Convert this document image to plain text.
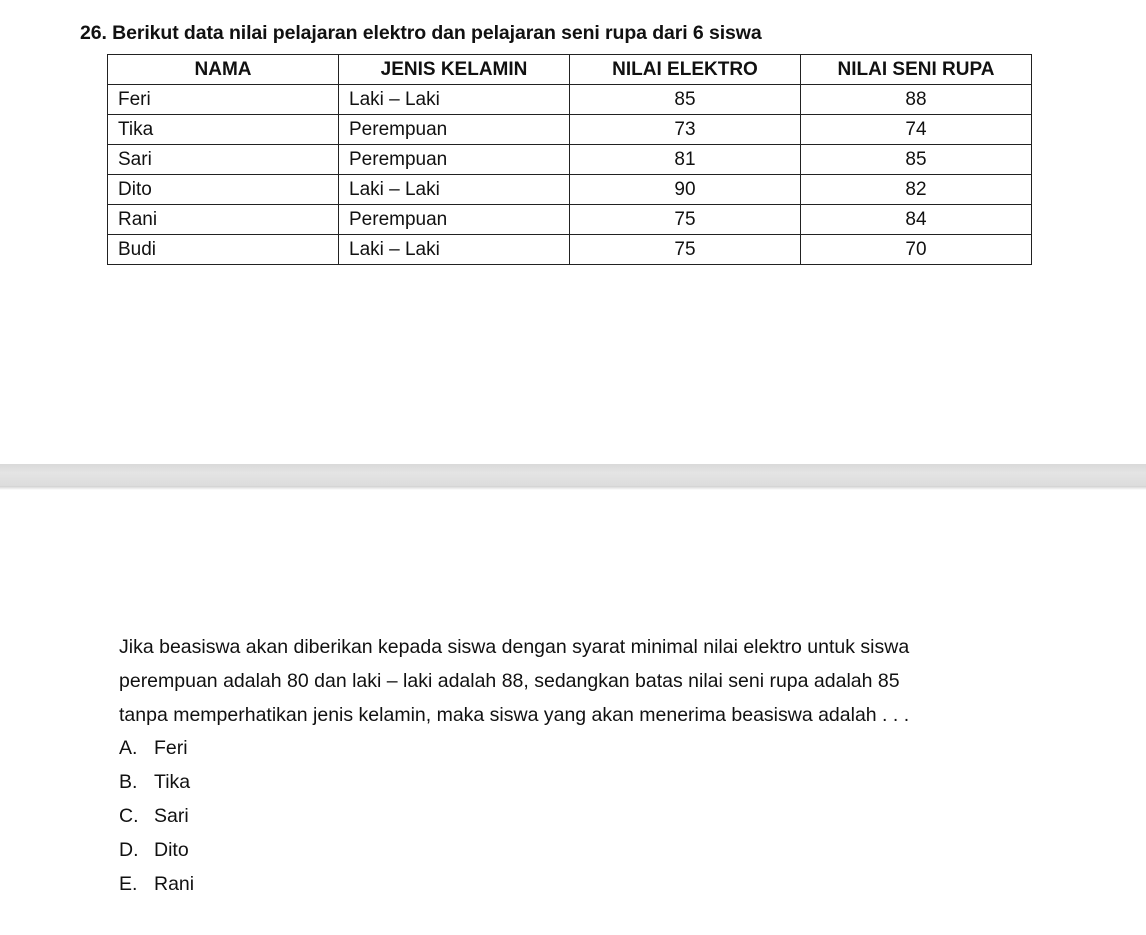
26. Berikut data nilai pelajaran elektro dan pelajaran seni rupa dari 6 siswa
NAMA	JENIS KELAMIN	NILAI ELEKTRO	NILAI SENI RUPA
Feri	Laki – Laki	85	88
Tika	Perempuan	73	74
Sari	Perempuan	81	85
Dito	Laki – Laki	90	82
Rani	Perempuan	75	84
Budi	Laki – Laki	75	70

Jika beasiswa akan diberikan kepada siswa dengan syarat minimal nilai elektro untuk siswa

perempuan adalah 80 dan laki – laki adalah 88, sedangkan batas nilai seni rupa adalah 85

tanpa memperhatikan jenis kelamin, maka siswa yang akan menerima beasiswa adalah . . .

A. Feri
B. Tika
C. Sari
D. Dito
E. Rani
